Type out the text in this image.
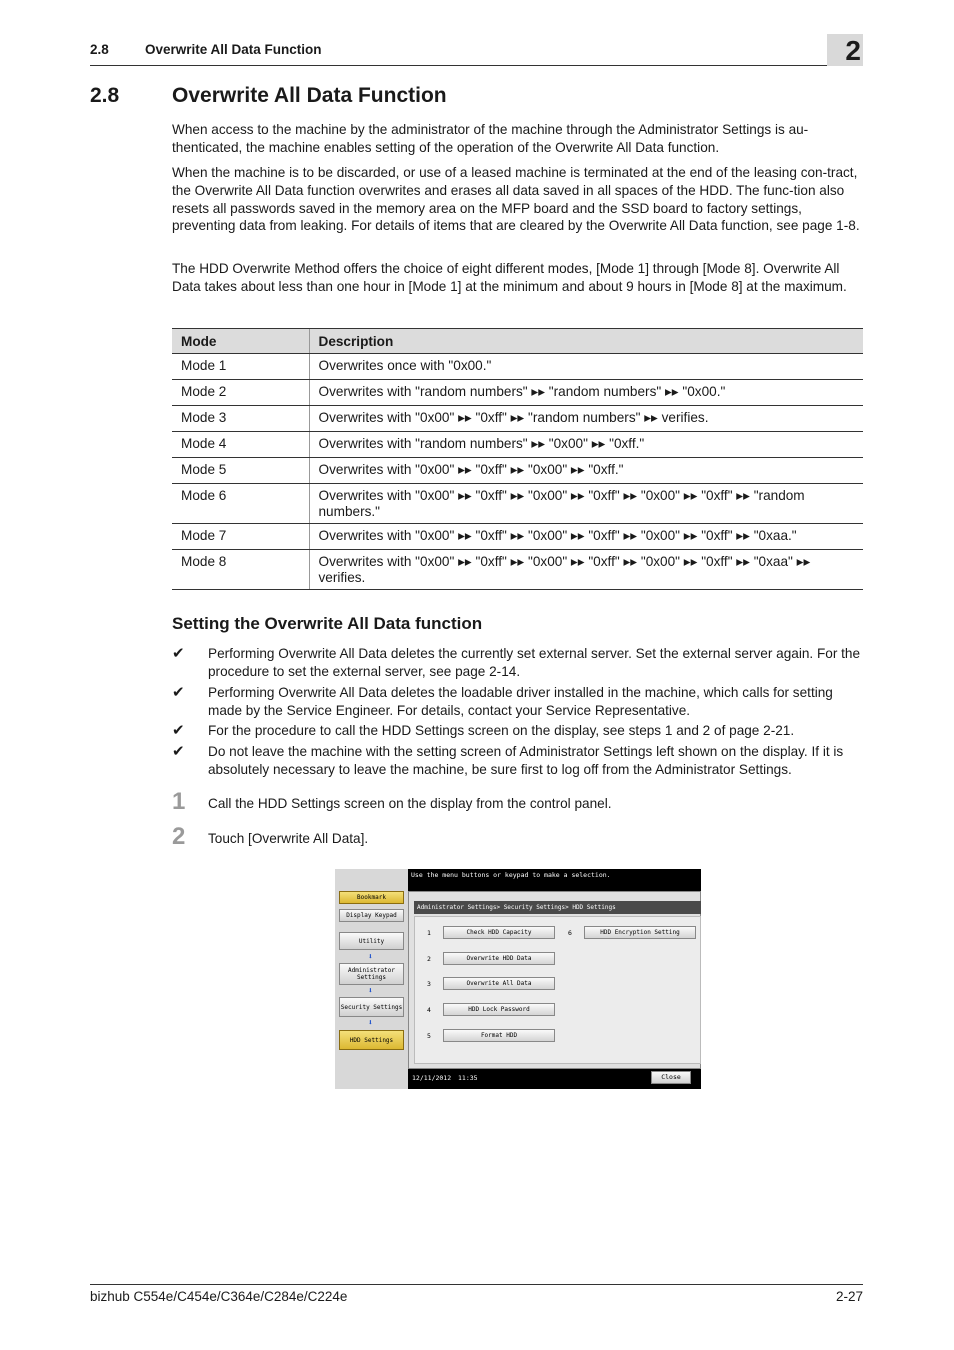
2.8	Overwrite All Data Function	2
2.8	Overwrite All Data Function

When access to the machine by the administrator of the machine through the Administrator Settings is au-thenticated, the machine enables setting of the operation of the Overwrite All Data function.

When the machine is to be discarded, or use of a leased machine is terminated at the end of the leasing con-tract, the Overwrite All Data function overwrites and erases all data saved in all spaces of the HDD. The func-tion also resets all passwords saved in the memory area on the MFP board and the SSD board to factory settings, preventing data from leaking. For details of items that are cleared by the Overwrite All Data function, see page 1-8.

The HDD Overwrite Method offers the choice of eight different modes, [Mode 1] through [Mode 8]. Overwrite All Data takes about less than one hour in [Mode 1] at the minimum and about 9 hours in [Mode 8] at the maximum.

Mode	Description
Mode 1	Overwrites once with "0x00."
Mode 2	Overwrites with "random numbers" ▸▸ "random numbers" ▸▸ "0x00."
Mode 3	Overwrites with "0x00" ▸▸ "0xff" ▸▸ "random numbers" ▸▸ verifies.
Mode 4	Overwrites with "random numbers" ▸▸ "0x00" ▸▸ "0xff."
Mode 5	Overwrites with "0x00" ▸▸ "0xff" ▸▸ "0x00" ▸▸ "0xff."
Mode 6	Overwrites with "0x00" ▸▸ "0xff" ▸▸ "0x00" ▸▸ "0xff" ▸▸ "0x00" ▸▸ "0xff" ▸▸ "random numbers."
Mode 7	Overwrites with "0x00" ▸▸ "0xff" ▸▸ "0x00" ▸▸ "0xff" ▸▸ "0x00" ▸▸ "0xff" ▸▸ "0xaa."
Mode 8	Overwrites with "0x00" ▸▸ "0xff" ▸▸ "0x00" ▸▸ "0xff" ▸▸ "0x00" ▸▸ "0xff" ▸▸ "0xaa" ▸▸ verifies.
Setting the Overwrite All Data function
✔ Performing Overwrite All Data deletes the currently set external server. Set the external server again. For the procedure to set the external server, see page 2-14.
✔ Performing Overwrite All Data deletes the loadable driver installed in the machine, which calls for setting made by the Service Engineer. For details, contact your Service Representative.
✔ For the procedure to call the HDD Settings screen on the display, see steps 1 and 2 of page 2-21.
✔ Do not leave the machine with the setting screen of Administrator Settings left shown on the display. If it is absolutely necessary to leave the machine, be sure first to log off from the Administrator Settings.
1 Call the HDD Settings screen on the display from the control panel.
2 Touch [Overwrite All Data].
Bookmark
Display Keypad
Utility
⬇
Administrator Settings
⬇
Security Settings
⬇
HDD Settings
Use the menu buttons or keypad to make a selection.
Administrator Settings> Security Settings> HDD Settings
1	Check HDD Capacity
2	Overwrite HDD Data
3	Overwrite All Data
4	HDD Lock Password
5	Format HDD
6	HDD Encryption Setting
12/11/2012 11:35	Close
bizhub C554e/C454e/C364e/C284e/C224e	2-27
